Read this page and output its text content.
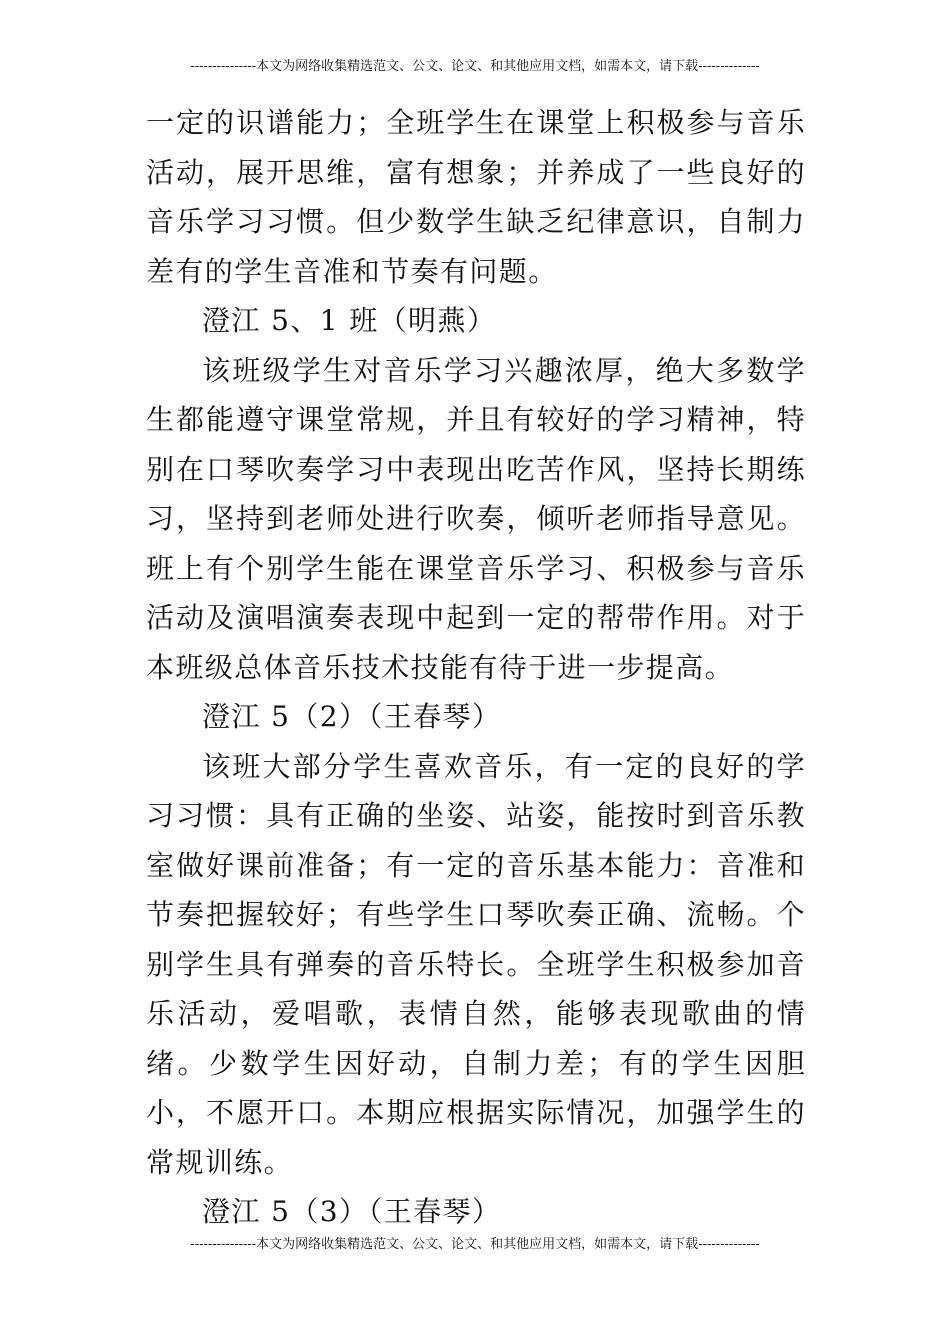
---------------本文为网络收集精选范文、公文、论文、和其他应用文档，如需本文，请下载--------------

一定的识谱能力；全班学生在课堂上积极参与音乐活动，展开思维，富有想象；并养成了一些良好的音乐学习习惯。但少数学生缺乏纪律意识，自制力差有的学生音准和节奏有问题。

澄江 5、1 班（明燕）

该班级学生对音乐学习兴趣浓厚，绝大多数学生都能遵守课堂常规，并且有较好的学习精神，特别在口琴吹奏学习中表现出吃苦作风，坚持长期练习，坚持到老师处进行吹奏，倾听老师指导意见。班上有个别学生能在课堂音乐学习、积极参与音乐活动及演唱演奏表现中起到一定的帮带作用。对于本班级总体音乐技术技能有待于进一步提高。

澄江 5（2）（王春琴）

该班大部分学生喜欢音乐，有一定的良好的学习习惯：具有正确的坐姿、站姿，能按时到音乐教室做好课前准备；有一定的音乐基本能力：音准和节奏把握较好；有些学生口琴吹奏正确、流畅。个别学生具有弹奏的音乐特长。全班学生积极参加音乐活动，爱唱歌，表情自然，能够表现歌曲的情绪。少数学生因好动，自制力差；有的学生因胆小，不愿开口。本期应根据实际情况，加强学生的常规训练。

澄江 5（3）（王春琴）

---------------本文为网络收集精选范文、公文、论文、和其他应用文档，如需本文，请下载--------------
